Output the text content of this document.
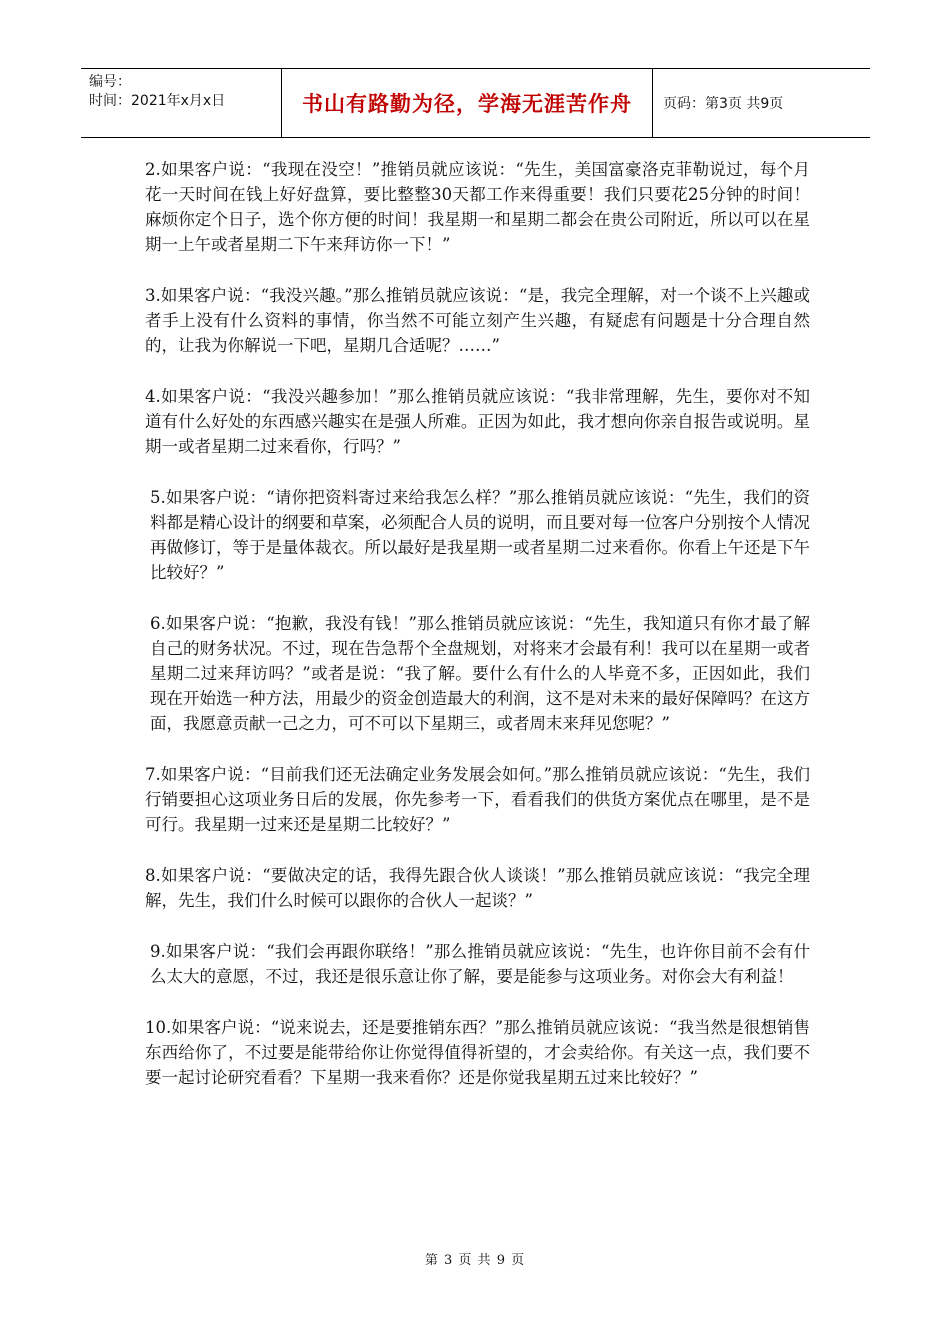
编号：
时间：2021年x月x日	书山有路勤为径，学海无涯苦作舟	页码：第3页 共9页

2.如果客户说：“我现在没空！”推销员就应该说：“先生，美国富豪洛克菲勒说过，每个月花一天时间在钱上好好盘算，要比整整30天都工作来得重要！我们只要花25分钟的时间！麻烦你定个日子，选个你方便的时间！我星期一和星期二都会在贵公司附近，所以可以在星期一上午或者星期二下午来拜访你一下！”

3.如果客户说：“我没兴趣。”那么推销员就应该说：“是，我完全理解，对一个谈不上兴趣或者手上没有什么资料的事情，你当然不可能立刻产生兴趣，有疑虑有问题是十分合理自然的，让我为你解说一下吧，星期几合适呢？……”

4.如果客户说：“我没兴趣参加！”那么推销员就应该说：“我非常理解，先生，要你对不知道有什么好处的东西感兴趣实在是强人所难。正因为如此，我才想向你亲自报告或说明。星期一或者星期二过来看你，行吗？”

5.如果客户说：“请你把资料寄过来给我怎么样？”那么推销员就应该说：“先生，我们的资料都是精心设计的纲要和草案，必须配合人员的说明，而且要对每一位客户分别按个人情况再做修订，等于是量体裁衣。所以最好是我星期一或者星期二过来看你。你看上午还是下午比较好？”

6.如果客户说：“抱歉，我没有钱！”那么推销员就应该说：“先生，我知道只有你才最了解自己的财务状况。不过，现在告急帮个全盘规划，对将来才会最有利！我可以在星期一或者星期二过来拜访吗？”或者是说：“我了解。要什么有什么的人毕竟不多，正因如此，我们现在开始选一种方法，用最少的资金创造最大的利润，这不是对未来的最好保障吗？在这方面，我愿意贡献一己之力，可不可以下星期三，或者周末来拜见您呢？”

7.如果客户说：“目前我们还无法确定业务发展会如何。”那么推销员就应该说：“先生，我们行销要担心这项业务日后的发展，你先参考一下，看看我们的供货方案优点在哪里，是不是可行。我星期一过来还是星期二比较好？”

8.如果客户说：“要做决定的话，我得先跟合伙人谈谈！”那么推销员就应该说：“我完全理解，先生，我们什么时候可以跟你的合伙人一起谈？”

9.如果客户说：“我们会再跟你联络！”那么推销员就应该说：“先生，也许你目前不会有什么太大的意愿，不过，我还是很乐意让你了解，要是能参与这项业务。对你会大有利益！

10.如果客户说：“说来说去，还是要推销东西？”那么推销员就应该说：“我当然是很想销售东西给你了，不过要是能带给你让你觉得值得祈望的，才会卖给你。有关这一点，我们要不要一起讨论研究看看？下星期一我来看你？还是你觉我星期五过来比较好？”

第 3 页 共 9 页
